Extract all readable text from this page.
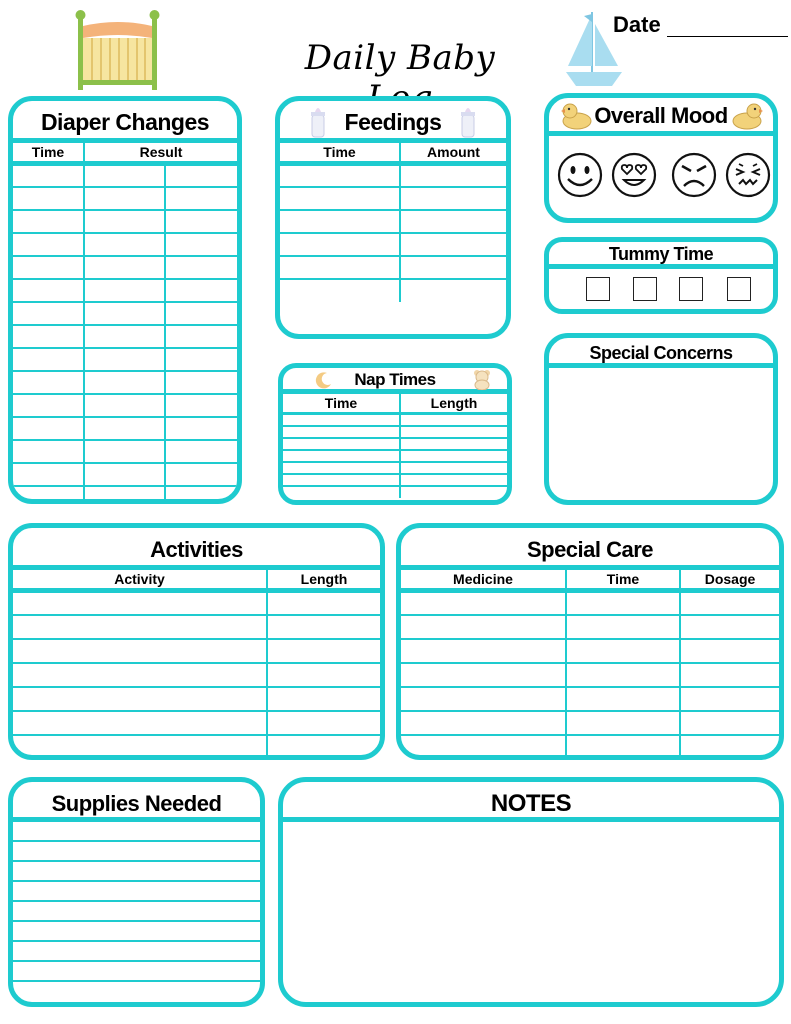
Daily Baby
Date
Diaper Changes
Time	Result	

Feedings
Time	Amount

Overall Mood
Tummy Time
Special Concerns
Nap Times
Time	Length

Activities
Activity	Length

Special Care
Medicine	Time	Dosage

Supplies Needed	NOTES
